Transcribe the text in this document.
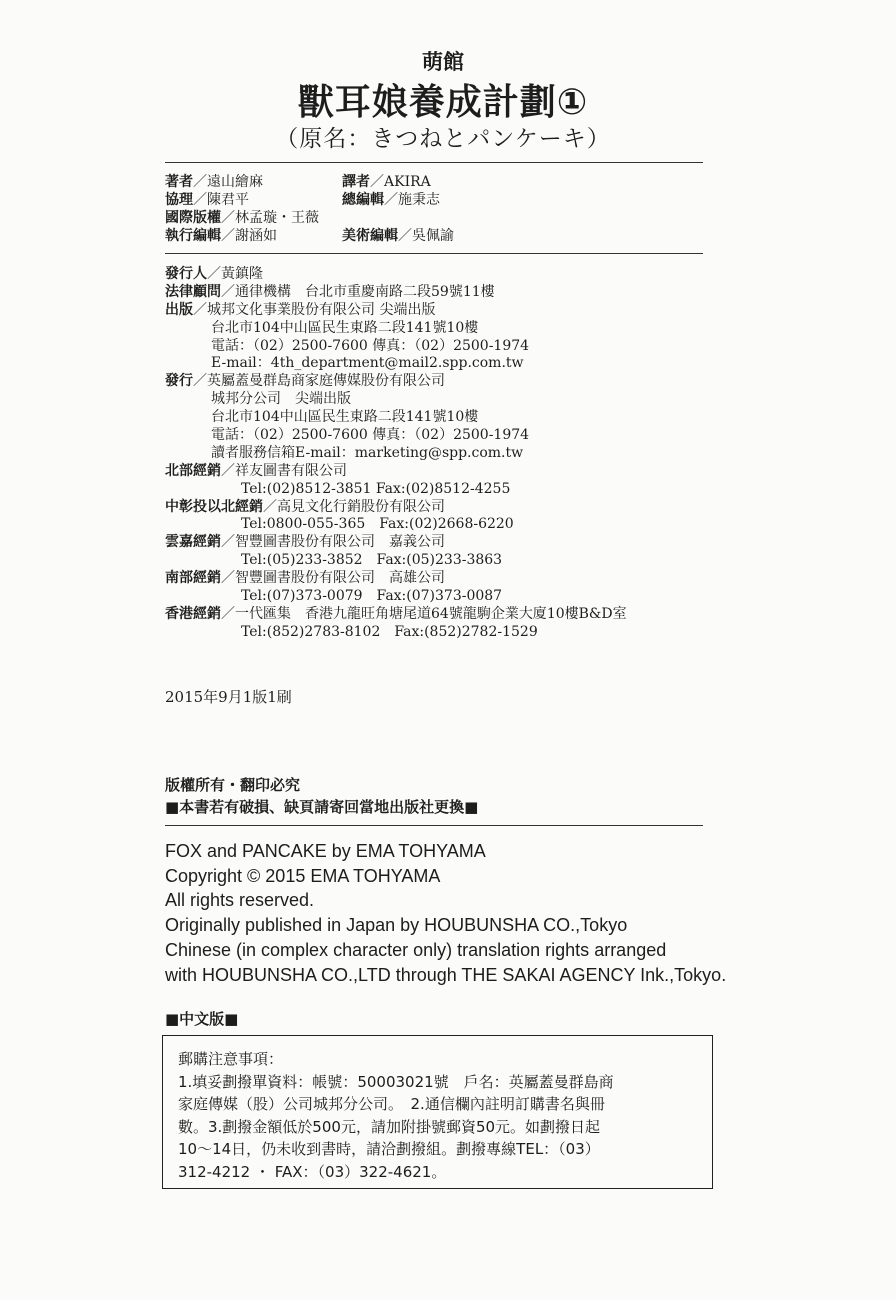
萌館
獸耳娘養成計劃①
（原名：きつねとパンケーキ）
著者／遠山繪麻	譯者／AKIRA
協理／陳君平	總編輯／施秉志
國際版權／林孟璇・王薇
執行編輯／謝涵如	美術編輯／吳佩諭
發行人／黃鎮隆
法律顧問／通律機構　台北市重慶南路二段59號11樓
出版／城邦文化事業股份有限公司 尖端出版
台北市104中山區民生東路二段141號10樓
電話：（02）2500-7600 傳真：（02）2500-1974
E-mail：4th_department@mail2.spp.com.tw
發行／英屬蓋曼群島商家庭傳媒股份有限公司
城邦分公司　尖端出版
台北市104中山區民生東路二段141號10樓
電話：（02）2500-7600 傳真：（02）2500-1974
讀者服務信箱E-mail：marketing@spp.com.tw
北部經銷／祥友圖書有限公司
Tel:(02)8512-3851 Fax:(02)8512-4255
中彰投以北經銷／高見文化行銷股份有限公司
Tel:0800-055-365　Fax:(02)2668-6220
雲嘉經銷／智豐圖書股份有限公司　嘉義公司
Tel:(05)233-3852　Fax:(05)233-3863
南部經銷／智豐圖書股份有限公司　高雄公司
Tel:(07)373-0079　Fax:(07)373-0087
香港經銷／一代匯集　香港九龍旺角塘尾道64號龍駒企業大廈10樓B&D室
Tel:(852)2783-8102　Fax:(852)2782-1529
2015年9月1版1刷
版權所有・翻印必究
■本書若有破損、缺頁請寄回當地出版社更換■
FOX and PANCAKE by EMA TOHYAMA
Copyright © 2015 EMA TOHYAMA
All rights reserved.
Originally published in Japan by HOUBUNSHA CO.,Tokyo
Chinese (in complex character only) translation rights arranged
with HOUBUNSHA CO.,LTD through THE SAKAI AGENCY Ink.,Tokyo.
■中文版■
郵購注意事項：
1.填妥劃撥單資料：帳號：50003021號　戶名：英屬蓋曼群島商
家庭傳媒（股）公司城邦分公司。　2.通信欄內註明訂購書名與冊
數。3.劃撥金額低於500元，請加附掛號郵資50元。如劃撥日起
10～14日，仍未收到書時，請洽劃撥組。劃撥專線TEL：（03）
312-4212 ・ FAX：（03）322-4621。
